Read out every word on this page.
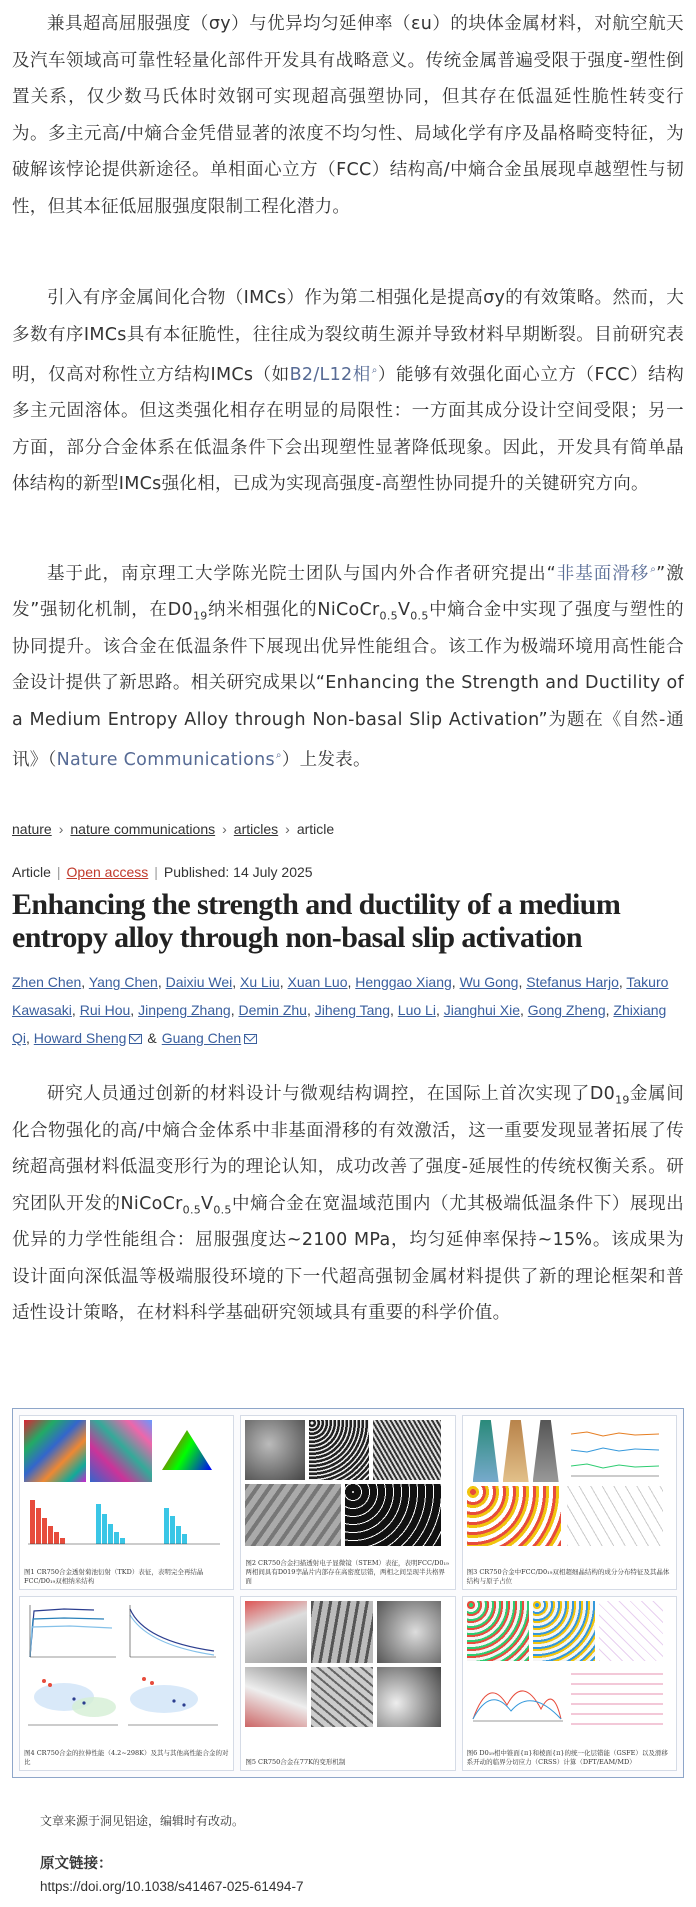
兼具超高屈服强度（σy）与优异均匀延伸率（εu）的块体金属材料，对航空航天及汽车领域高可靠性轻量化部件开发具有战略意义。传统金属普遍受限于强度-塑性倒置关系，仅少数马氏体时效钢可实现超高强塑协同，但其存在低温延性脆性转变行为。多主元高/中熵合金凭借显著的浓度不均匀性、局域化学有序及晶格畸变特征，为破解该悖论提供新途径。单相面心立方（FCC）结构高/中熵合金虽展现卓越塑性与韧性，但其本征低屈服强度限制工程化潜力。

引入有序金属间化合物（IMCs）作为第二相强化是提高σy的有效策略。然而，大多数有序IMCs具有本征脆性，往往成为裂纹萌生源并导致材料早期断裂。目前研究表明，仅高对称性立方结构IMCs（如B2/L12相⌕）能够有效强化面心立方（FCC）结构多主元固溶体。但这类强化相存在明显的局限性：一方面其成分设计空间受限；另一方面，部分合金体系在低温条件下会出现塑性显著降低现象。因此，开发具有简单晶体结构的新型IMCs强化相，已成为实现高强度-高塑性协同提升的关键研究方向。

基于此，南京理工大学陈光院士团队与国内外合作者研究提出“非基面滑移⌕”激发”强韧化机制，在$D0_{19}$纳米相强化的$NiCoCr_{0.5}V_{0.5}$中熵合金中实现了强度与塑性的协同提升。该合金在低温条件下展现出优异性能组合。该工作为极端环境用高性能合金设计提供了新思路。相关研究成果以“Enhancing the Strength and Ductility of a Medium Entropy Alloy through Non-basal Slip Activation”为题在《自然-通讯》（Nature Communications⌕）上发表。

nature › nature communications › articles › article
Article | Open access | Published: 14 July 2025
Enhancing the strength and ductility of a medium entropy alloy through non-basal slip activation
Zhen Chen, Yang Chen, Daixiu Wei, Xu Liu, Xuan Luo, Henggao Xiang, Wu Gong, Stefanus Harjo, Takuro Kawasaki, Rui Hou, Jinpeng Zhang, Demin Zhu, Jiheng Tang, Luo Li, Jianghui Xie, Gong Zheng, Zhixiang Qi, Howard Sheng & Guang Chen

研究人员通过创新的材料设计与微观结构调控，在国际上首次实现了$D0_{19}$金属间化合物强化的高/中熵合金体系中非基面滑移的有效激活，这一重要发现显著拓展了传统超高强材料低温变形行为的理论认知，成功改善了强度-延展性的传统权衡关系。研究团队开发的$NiCoCr_{0.5}V_{0.5}$中熵合金在宽温域范围内（尤其极端低温条件下）展现出优异的力学性能组合：屈服强度达~2100 MPa，均匀延伸率保持~15%。该成果为设计面向深低温等极端服役环境的下一代超高强韧金属材料提供了新的理论框架和普适性设计策略，在材料科学基础研究领域具有重要的科学价值。

图1 CR750合金透射菊池衍射（TKD）表征，表明完全再结晶FCC/D0₁₉双相纳米结构
图2 CR750合金扫描透射电子显微镜（STEM）表征，表明FCC/D0₁₉两相间具有D019孪晶片内部存在高密度层错，两相之间呈现半共格界面
图3 CR750合金中FCC/D0₁₉双相超细晶结构的成分分布特征及其晶体结构与原子占位
图4 CR750合金的拉伸性能（4.2~298K）及其与其他高性能合金的对比	图5 CR750合金在77K的变形机制
图6 D0₁₉相中锥面{π}和棱面{π}的统一化层错能（GSFE）以及滑移系开动的临界分切应力（CRSS）计算（DFT/EAM/MD）
文章来源于洞见铝途，编辑时有改动。
原文链接：
https://doi.org/10.1038/s41467-025-61494-7
